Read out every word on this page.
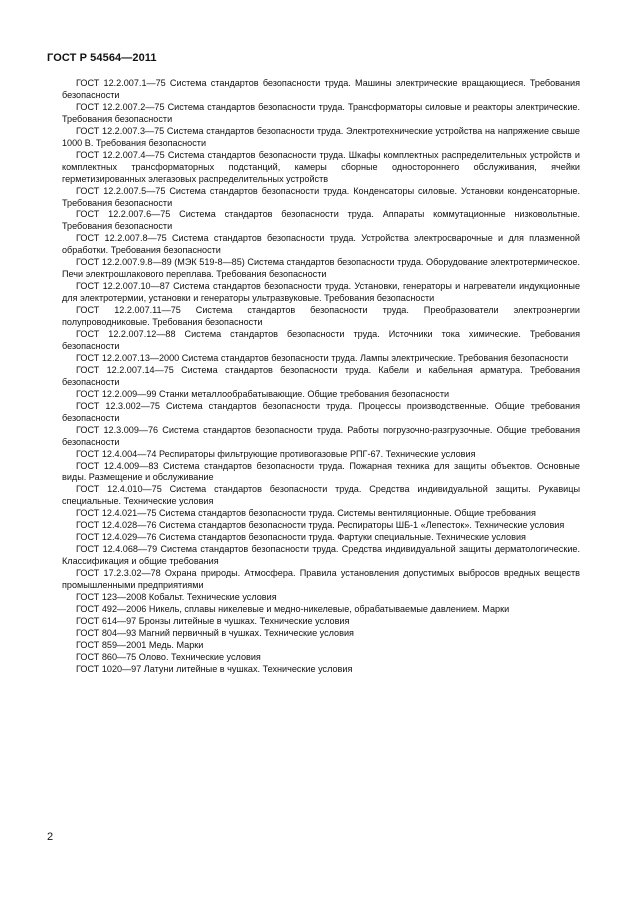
ГОСТ Р 54564—2011

ГОСТ 12.2.007.1—75 Система стандартов безопасности труда. Машины электрические вращающиеся. Требования безопасности

ГОСТ 12.2.007.2—75 Система стандартов безопасности труда. Трансформаторы силовые и реакторы электрические. Требования безопасности

ГОСТ 12.2.007.3—75 Система стандартов безопасности труда. Электротехнические устройства на напряжение свыше 1000 В. Требования безопасности

ГОСТ 12.2.007.4—75 Система стандартов безопасности труда. Шкафы комплектных распределительных устройств и комплектных трансформаторных подстанций, камеры сборные одностороннего обслуживания, ячейки герметизированных элегазовых распределительных устройств

ГОСТ 12.2.007.5—75 Система стандартов безопасности труда. Конденсаторы силовые. Установки конденсаторные. Требования безопасности

ГОСТ 12.2.007.6—75 Система стандартов безопасности труда. Аппараты коммутационные низковольтные. Требования безопасности

ГОСТ 12.2.007.8—75 Система стандартов безопасности труда. Устройства электросварочные и для плазменной обработки. Требования безопасности

ГОСТ 12.2.007.9.8—89 (МЭК 519-8—85) Система стандартов безопасности труда. Оборудование электротермическое. Печи электрошлакового переплава. Требования безопасности

ГОСТ 12.2.007.10—87 Система стандартов безопасности труда. Установки, генераторы и нагреватели индукционные для электротермии, установки и генераторы ультразвуковые. Требования безопасности

ГОСТ 12.2.007.11—75 Система стандартов безопасности труда. Преобразователи электроэнергии полупроводниковые. Требования безопасности

ГОСТ 12.2.007.12—88 Система стандартов безопасности труда. Источники тока химические. Требования безопасности

ГОСТ 12.2.007.13—2000 Система стандартов безопасности труда. Лампы электрические. Требования безопасности

ГОСТ 12.2.007.14—75 Система стандартов безопасности труда. Кабели и кабельная арматура. Требования безопасности

ГОСТ 12.2.009—99 Станки металлообрабатывающие. Общие требования безопасности

ГОСТ 12.3.002—75 Система стандартов безопасности труда. Процессы производственные. Общие требования безопасности

ГОСТ 12.3.009—76 Система стандартов безопасности труда. Работы погрузочно-разгрузочные. Общие требования безопасности

ГОСТ 12.4.004—74 Респираторы фильтрующие противогазовые РПГ-67. Технические условия

ГОСТ 12.4.009—83 Система стандартов безопасности труда. Пожарная техника для защиты объектов. Основные виды. Размещение и обслуживание

ГОСТ 12.4.010—75 Система стандартов безопасности труда. Средства индивидуальной защиты. Рукавицы специальные. Технические условия

ГОСТ 12.4.021—75 Система стандартов безопасности труда. Системы вентиляционные. Общие требования

ГОСТ 12.4.028—76 Система стандартов безопасности труда. Респираторы ШБ-1 «Лепесток». Технические условия

ГОСТ 12.4.029—76 Система стандартов безопасности труда. Фартуки специальные. Технические условия

ГОСТ 12.4.068—79 Система стандартов безопасности труда. Средства индивидуальной защиты дерматологические. Классификация и общие требования

ГОСТ 17.2.3.02—78 Охрана природы. Атмосфера. Правила установления допустимых выбросов вредных веществ промышленными предприятиями

ГОСТ 123—2008 Кобальт. Технические условия

ГОСТ 492—2006 Никель, сплавы никелевые и медно-никелевые, обрабатываемые давлением. Марки

ГОСТ 614—97 Бронзы литейные в чушках. Технические условия

ГОСТ 804—93 Магний первичный в чушках. Технические условия

ГОСТ 859—2001 Медь. Марки

ГОСТ 860—75 Олово. Технические условия

ГОСТ 1020—97 Латуни литейные в чушках. Технические условия

2
